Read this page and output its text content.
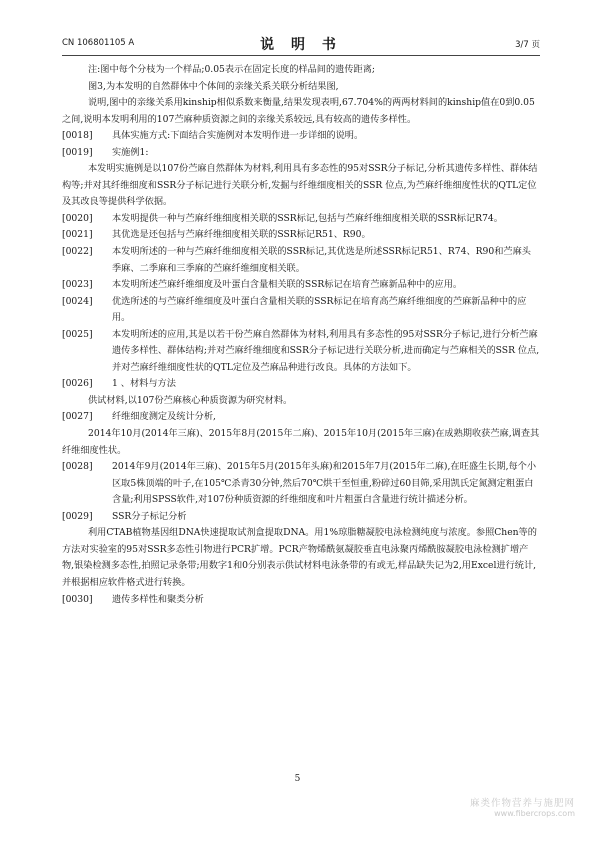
CN 106801105 A	说 明 书	3/7 页
注:图中每个分枝为一个样品;0.05表示在固定长度的样品间的遗传距离;
图3,为本发明的自然群体中个体间的亲缘关系关联分析结果图,
说明,图中的亲缘关系用kinship相似系数来衡量,结果发现表明,67.704%的两两材料间的kinship值在0到0.05之间,说明本发明利用的107苎麻种质资源之间的亲缘关系较远,具有较高的遗传多样性。
[0018]	具体实施方式:下面结合实施例对本发明作进一步详细的说明。
[0019]	实施例1:
本发明实施例是以107份苎麻自然群体为材料,利用具有多态性的95对SSR分子标记,分析其遗传多样性、群体结构等;并对其纤维细度和SSR分子标记进行关联分析,发掘与纤维细度相关的SSR 位点,为苎麻纤维细度性状的QTL定位及其改良等提供科学依据。
[0020]	本发明提供一种与苎麻纤维细度相关联的SSR标记,包括与苎麻纤维细度相关联的SSR标记R74。
[0021]	其优选是还包括与苎麻纤维细度相关联的SSR标记R51、R90。
[0022]	本发明所述的一种与苎麻纤维细度相关联的SSR标记,其优选是所述SSR标记R51、R74、R90和苎麻头季麻、二季麻和三季麻的苎麻纤维细度相关联。
[0023]	本发明所述苎麻纤维细度及叶蛋白含量相关联的SSR标记在培育苎麻新品种中的应用。
[0024]	优选所述的与苎麻纤维细度及叶蛋白含量相关联的SSR标记在培育高苎麻纤维细度的苎麻新品种中的应用。
[0025]	本发明所述的应用,其是以若干份苎麻自然群体为材料,利用具有多态性的95对SSR分子标记,进行分析苎麻遗传多样性、群体结构;并对苎麻纤维细度和SSR分子标记进行关联分析,进而确定与苎麻相关的SSR 位点,并对苎麻纤维细度性状的QTL定位及苎麻品种进行改良。具体的方法如下。
[0026]	1 、材料与方法
供试材料,以107份苎麻核心种质资源为研究材料。
[0027]	纤维细度测定及统计分析,
2014年10月(2014年三麻)、2015年8月(2015年二麻)、2015年10月(2015年三麻)在成熟期收获苎麻,调查其纤维细度性状。
[0028]	2014年9月(2014年三麻)、2015年5月(2015年头麻)和2015年7月(2015年二麻),在旺盛生长期,每个小区取5株顶端的叶子,在105℃杀青30分钟,然后70℃烘干至恒重,粉碎过60目筛,采用凯氏定氮测定粗蛋白含量;利用SPSS软件,对107份种质资源的纤维细度和叶片粗蛋白含量进行统计描述分析。
[0029]	SSR分子标记分析
利用CTAB植物基因组DNA快速提取试剂盒提取DNA。用1%琼脂糖凝胶电泳检测纯度与浓度。参照Chen等的方法对实验室的95对SSR多态性引物进行PCR扩增。PCR产物烯酰氨凝胶垂直电泳聚丙烯酰胺凝胶电泳检测扩增产物,银染检测多态性,拍照记录条带;用数字1和0分别表示供试材料电泳条带的有或无,样品缺失记为2,用Excel进行统计,并根据相应软件格式进行转换。
[0030]	遗传多样性和聚类分析
5
麻类作物营养与施肥网
www.fibercrops.com
